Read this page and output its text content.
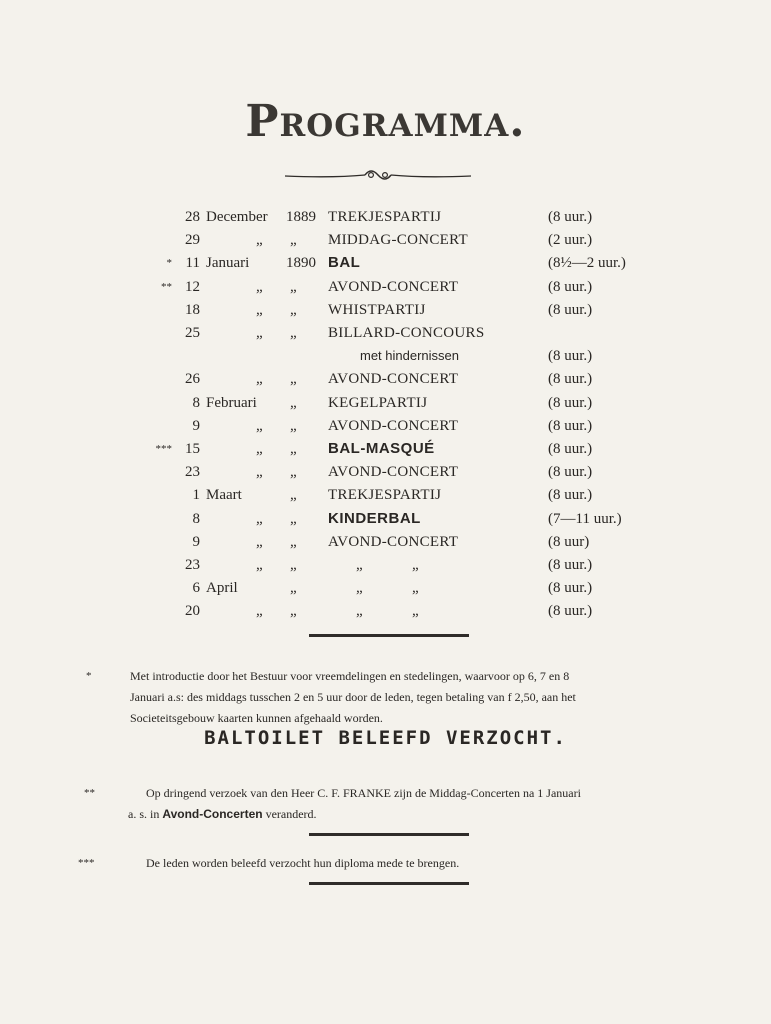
Programma.
28 December 1889 TREKJESPARTIJ	(8 uur.)
29	„ „ MIDDAG-CONCERT	(2 uur.)
* 11 Januari 1890 BAL	(8½—2 uur.)
** 12	„ „ AVOND-CONCERT	(8 uur.)
18	„ „ WHISTPARTIJ	(8 uur.)
25	„ „ BILLARD-CONCOURS
met hindernissen	(8 uur.)
26	„ „ AVOND-CONCERT	(8 uur.)
8 Februari „ KEGELPARTIJ	(8 uur.)
9	„ „ AVOND-CONCERT	(8 uur.)
*** 15	„ „ BAL-MASQUÉ	(8 uur.)
23	„ „ AVOND-CONCERT	(8 uur.)
1 Maart	„ TREKJESPARTIJ	(8 uur.)
8	„ „ KINDERBAL	(7—11 uur.)
9	„ „ AVOND-CONCERT	(8 uur)
23	„ „	„	„	(8 uur.)
6 April	„	„	„	(8 uur.)
20	„ „	„	„	(8 uur.)
*	Met introductie door het Bestuur voor vreemdelingen en stedelingen, waarvoor op 6, 7 en 8
Januari a.s: des middags tusschen 2 en 5 uur door de leden, tegen betaling van f 2,50, aan het
Societeitsgebouw kaarten kunnen afgehaald worden.
BALTOILET BELEEFD VERZOCHT.
**	Op dringend verzoek van den Heer C. F. FRANKE zijn de Middag-Concerten na 1 Januari
a. s. in Avond-Concerten veranderd.
***	De leden worden beleefd verzocht hun diploma mede te brengen.
